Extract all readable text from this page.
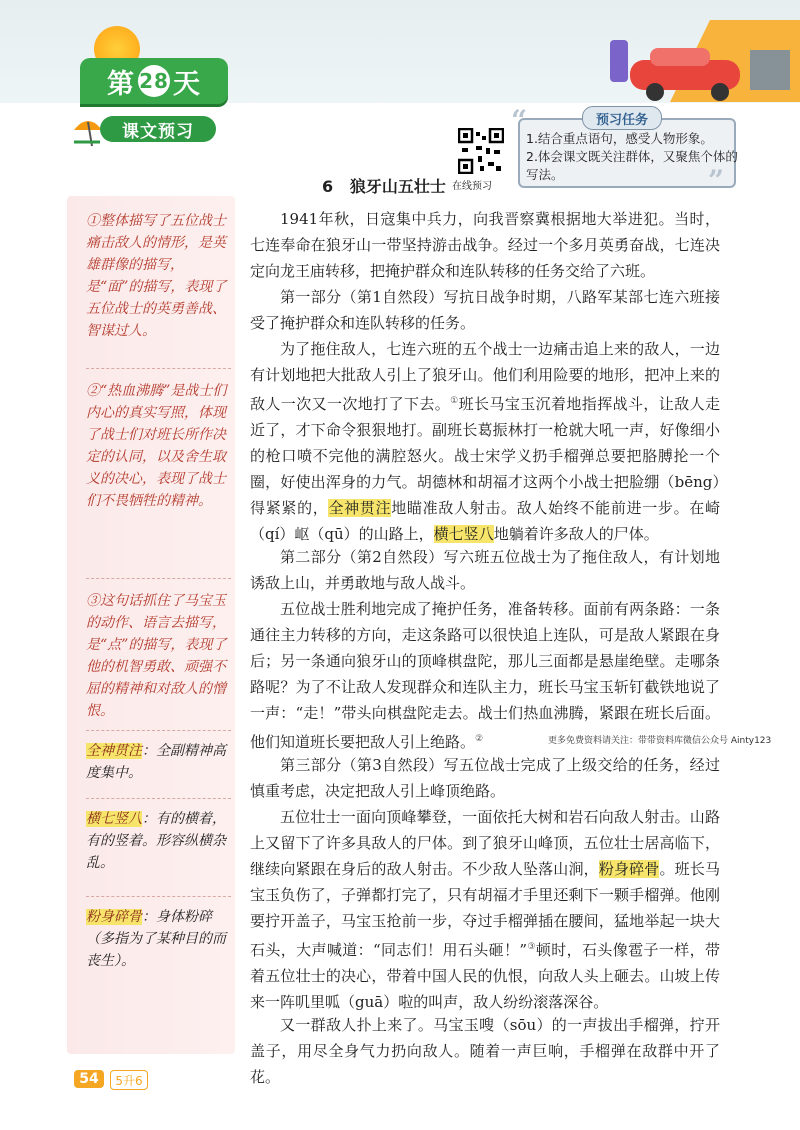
第 28 天
课文预习
在线预习
预习任务
“
”
1.结合重点语句，感受人物形象。
2.体会课文既关注群体，又聚焦个体的
写法。
6 狼牙山五壮士
①整体描写了五位战士痛击敌人的情形，是英雄群像的描写，是“面”的描写，表现了五位战士的英勇善战、智谋过人。
②“热血沸腾”是战士们内心的真实写照，体现了战士们对班长所作决定的认同，以及舍生取义的决心，表现了战士们不畏牺牲的精神。
③这句话抓住了马宝玉的动作、语言去描写，是“点”的描写，表现了他的机智勇敢、顽强不屈的精神和对敌人的憎恨。
全神贯注：全副精神高度集中。
横七竖八：有的横着，有的竖着。形容纵横杂乱。
粉身碎骨：身体粉碎（多指为了某种目的而丧生）。
1941年秋，日寇集中兵力，向我晋察冀根据地大举进犯。当时，七连奉命在狼牙山一带坚持游击战争。经过一个多月英勇奋战，七连决定向龙王庙转移，把掩护群众和连队转移的任务交给了六班。
第一部分（第1自然段）写抗日战争时期，八路军某部七连六班接受了掩护群众和连队转移的任务。
为了拖住敌人，七连六班的五个战士一边痛击追上来的敌人，一边有计划地把大批敌人引上了狼牙山。他们利用险要的地形，把冲上来的敌人一次又一次地打了下去。①班长马宝玉沉着地指挥战斗，让敌人走近了，才下命令狠狠地打。副班长葛振林打一枪就大吼一声，好像细小的枪口喷不完他的满腔怒火。战士宋学义扔手榴弹总要把胳膊抡一个圈，好使出浑身的力气。胡德林和胡福才这两个小战士把脸绷（bēng）得紧紧的，全神贯注地瞄准敌人射击。敌人始终不能前进一步。在崎（qí）岖（qū）的山路上，横七竖八地躺着许多敌人的尸体。
第二部分（第2自然段）写六班五位战士为了拖住敌人，有计划地诱敌上山，并勇敢地与敌人战斗。
五位战士胜利地完成了掩护任务，准备转移。面前有两条路：一条通往主力转移的方向，走这条路可以很快追上连队，可是敌人紧跟在身后；另一条通向狼牙山的顶峰棋盘陀，那儿三面都是悬崖绝壁。走哪条路呢？为了不让敌人发现群众和连队主力，班长马宝玉斩钉截铁地说了一声：“走！”带头向棋盘陀走去。战士们热血沸腾，紧跟在班长后面。他们知道班长要把敌人引上绝路。②	更多免费资料请关注：带带资料库微信公众号 Ainty123
第三部分（第3自然段）写五位战士完成了上级交给的任务，经过慎重考虑，决定把敌人引上峰顶绝路。
五位壮士一面向顶峰攀登，一面依托大树和岩石向敌人射击。山路上又留下了许多具敌人的尸体。到了狼牙山峰顶，五位壮士居高临下，继续向紧跟在身后的敌人射击。不少敌人坠落山涧，粉身碎骨。班长马宝玉负伤了，子弹都打完了，只有胡福才手里还剩下一颗手榴弹。他刚要拧开盖子，马宝玉抢前一步，夺过手榴弹插在腰间，猛地举起一块大石头，大声喊道：“同志们！用石头砸！”③顿时，石头像雹子一样，带着五位壮士的决心，带着中国人民的仇恨，向敌人头上砸去。山坡上传来一阵叽里呱（guā）啦的叫声，敌人纷纷滚落深谷。
又一群敌人扑上来了。马宝玉嗖（sōu）的一声拔出手榴弹，拧开盖子，用尽全身气力扔向敌人。随着一声巨响，手榴弹在敌群中开了花。
54	5升6
